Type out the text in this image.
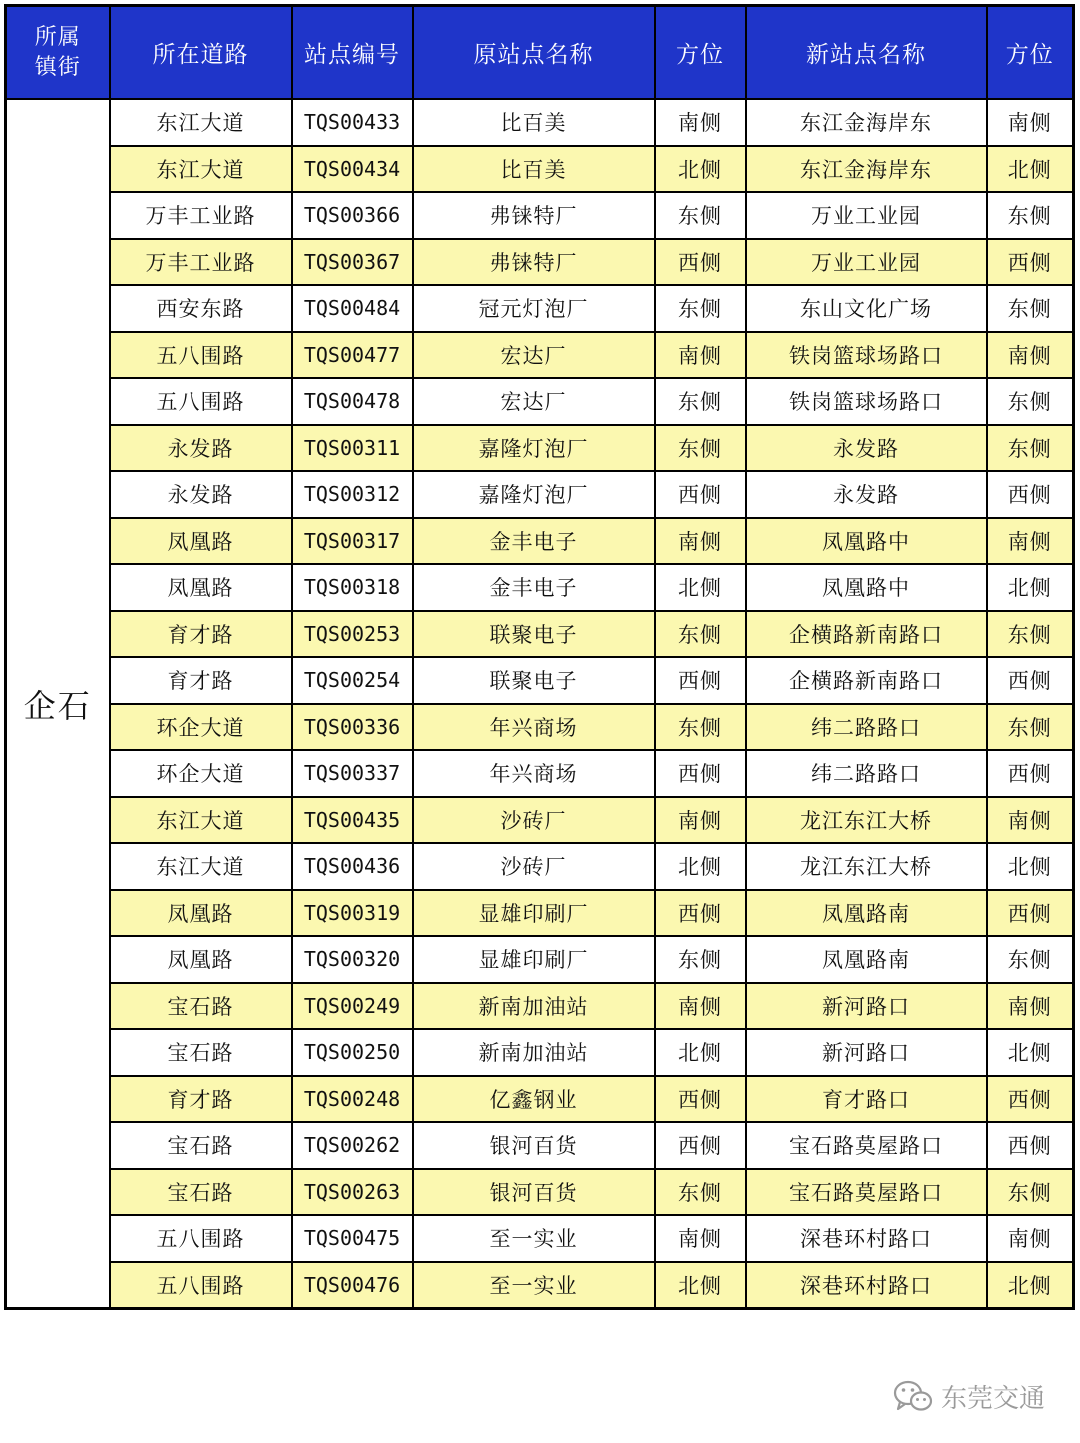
所属
镇街	所在道路	站点编号	原站点名称	方位	新站点名称	方位
企石	东江大道	TQS00433	比百美	南侧	东江金海岸东	南侧
	东江大道	TQS00434	比百美	北侧	东江金海岸东	北侧
	万丰工业路	TQS00366	弗铼特厂	东侧	万业工业园	东侧
	万丰工业路	TQS00367	弗铼特厂	西侧	万业工业园	西侧
	西安东路	TQS00484	冠元灯泡厂	东侧	东山文化广场	东侧
	五八围路	TQS00477	宏达厂	南侧	铁岗篮球场路口	南侧
	五八围路	TQS00478	宏达厂	东侧	铁岗篮球场路口	东侧
	永发路	TQS00311	嘉隆灯泡厂	东侧	永发路	东侧
	永发路	TQS00312	嘉隆灯泡厂	西侧	永发路	西侧
	凤凰路	TQS00317	金丰电子	南侧	凤凰路中	南侧
	凤凰路	TQS00318	金丰电子	北侧	凤凰路中	北侧
	育才路	TQS00253	联聚电子	东侧	企横路新南路口	东侧
	育才路	TQS00254	联聚电子	西侧	企横路新南路口	西侧
	环企大道	TQS00336	年兴商场	东侧	纬二路路口	东侧
	环企大道	TQS00337	年兴商场	西侧	纬二路路口	西侧
	东江大道	TQS00435	沙砖厂	南侧	龙江东江大桥	南侧
	东江大道	TQS00436	沙砖厂	北侧	龙江东江大桥	北侧
	凤凰路	TQS00319	显雄印刷厂	西侧	凤凰路南	西侧
	凤凰路	TQS00320	显雄印刷厂	东侧	凤凰路南	东侧
	宝石路	TQS00249	新南加油站	南侧	新河路口	南侧
	宝石路	TQS00250	新南加油站	北侧	新河路口	北侧
	育才路	TQS00248	亿鑫钢业	西侧	育才路口	西侧
	宝石路	TQS00262	银河百货	西侧	宝石路莫屋路口	西侧
	宝石路	TQS00263	银河百货	东侧	宝石路莫屋路口	东侧
	五八围路	TQS00475	至一实业	南侧	深巷环村路口	南侧
	五八围路	TQS00476	至一实业	北侧	深巷环村路口	北侧
东莞交通
